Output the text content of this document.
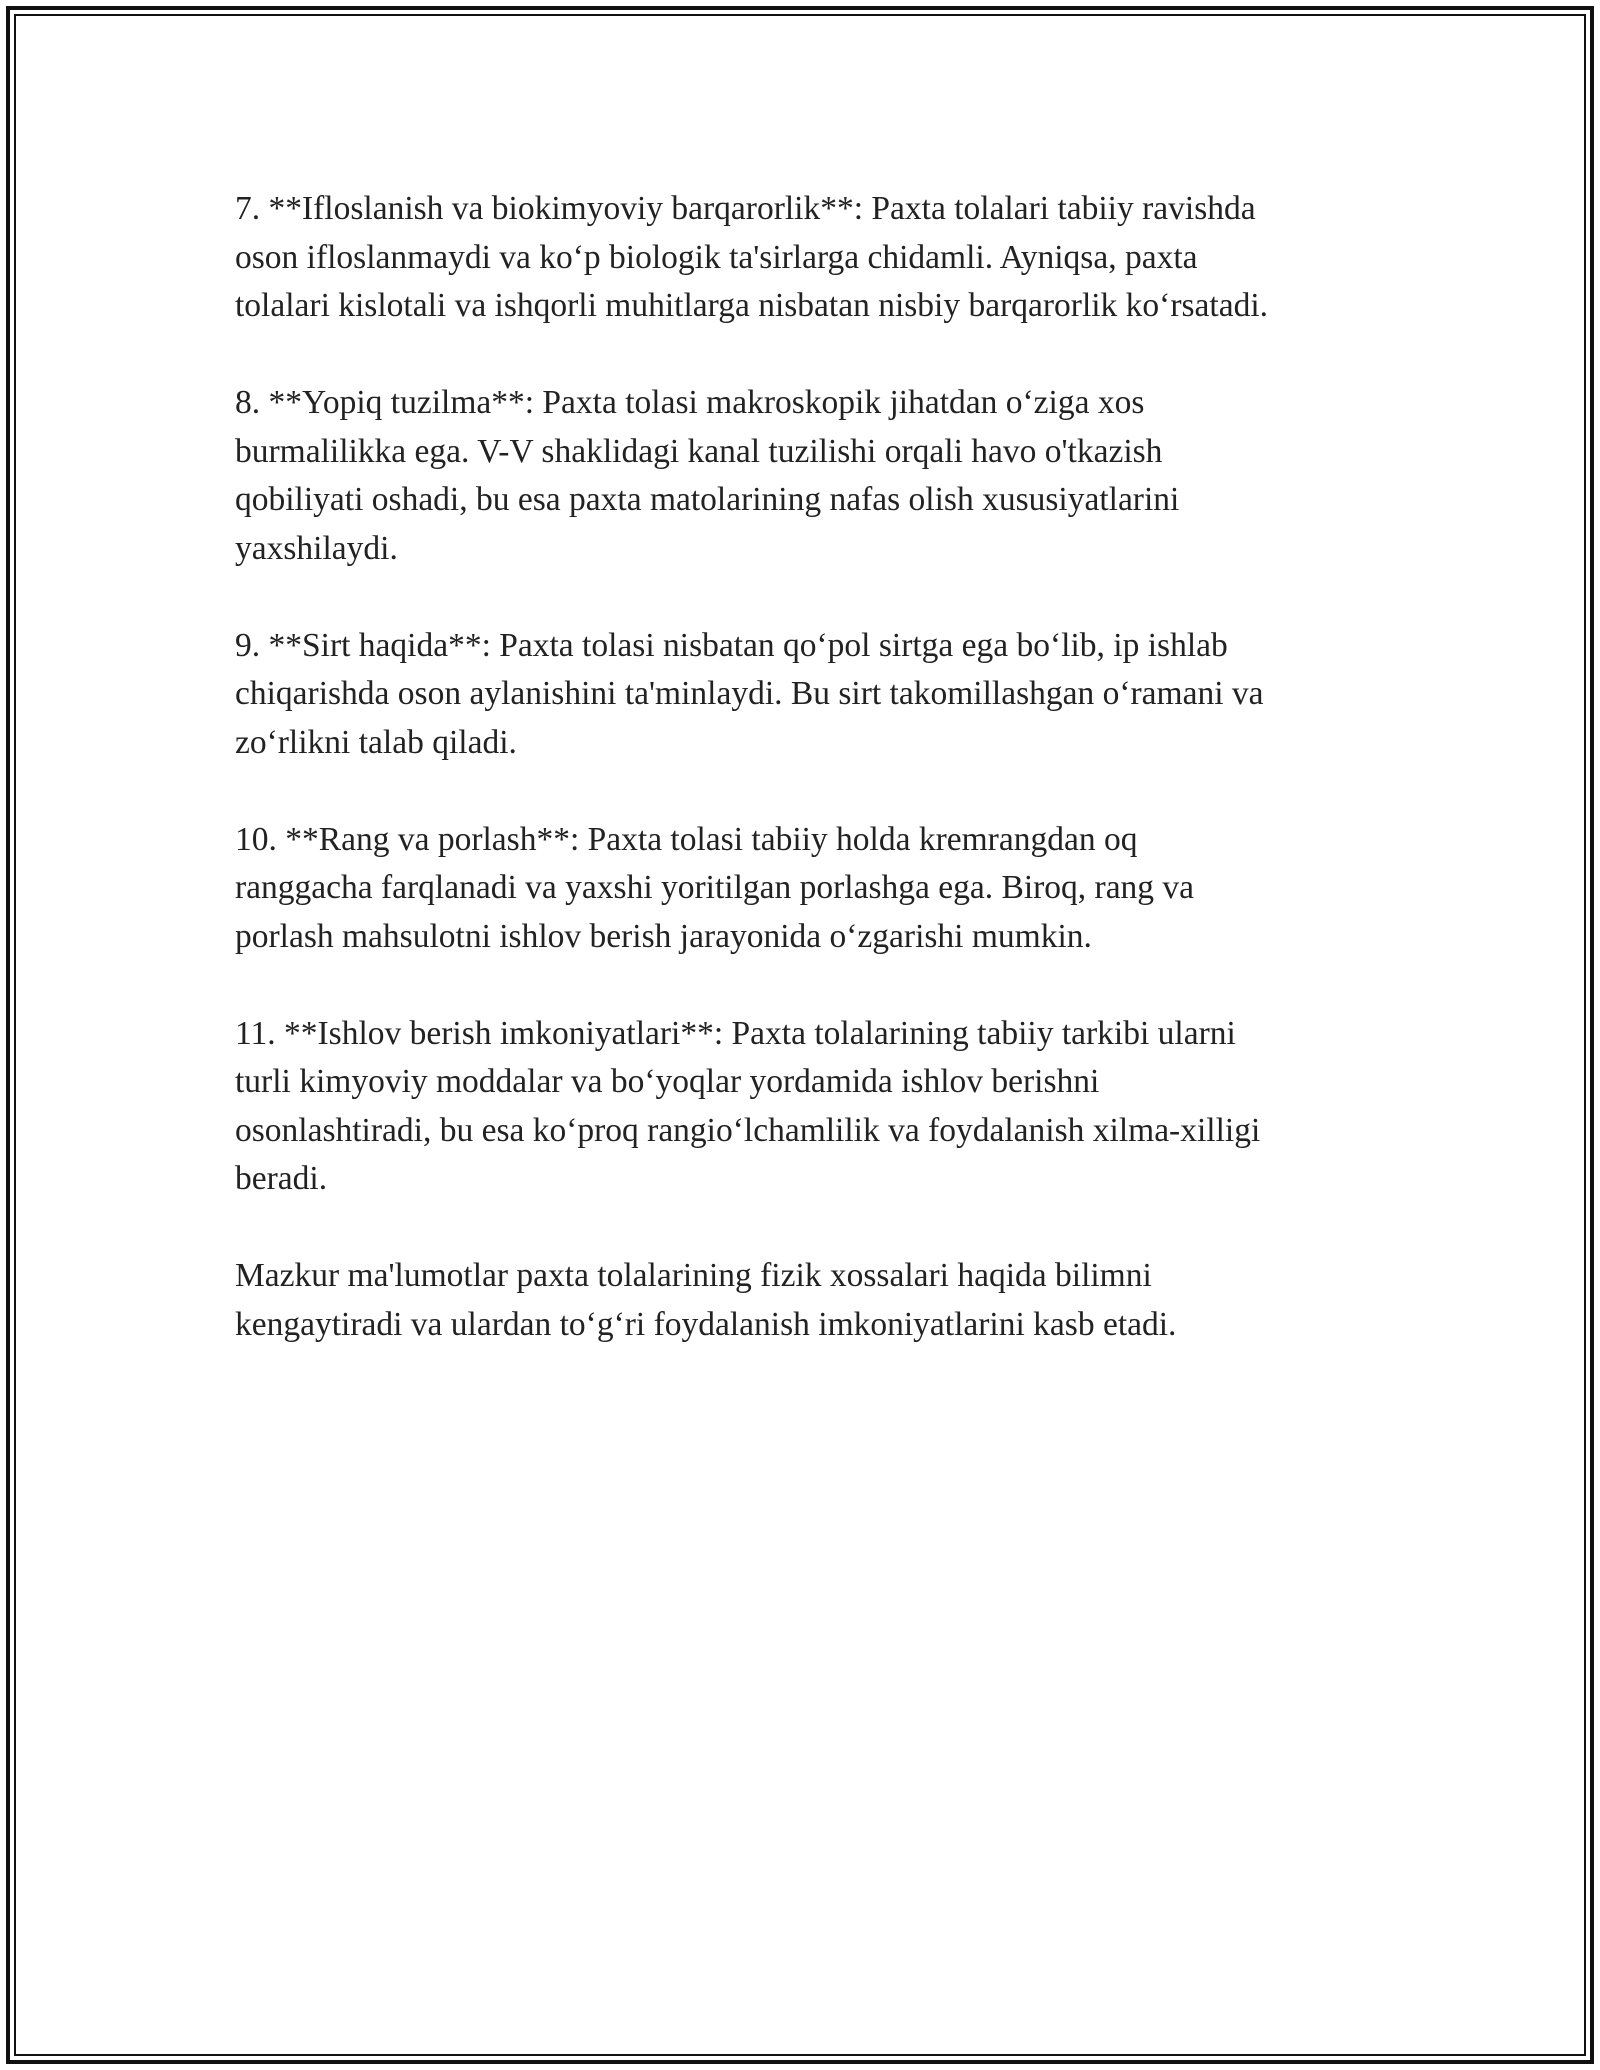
7. **Ifloslanish va biokimyoviy barqarorlik**: Paxta tolalari tabiiy ravishda
oson ifloslanmaydi va ko‘p biologik ta'sirlarga chidamli. Ayniqsa, paxta
tolalari kislotali va ishqorli muhitlarga nisbatan nisbiy barqarorlik ko‘rsatadi.
8. **Yopiq tuzilma**: Paxta tolasi makroskopik jihatdan o‘ziga xos
burmalilikka ega. V-V shaklidagi kanal tuzilishi orqali havo o'tkazish
qobiliyati oshadi, bu esa paxta matolarining nafas olish xususiyatlarini
yaxshilaydi.
9. **Sirt haqida**: Paxta tolasi nisbatan qo‘pol sirtga ega bo‘lib, ip ishlab
chiqarishda oson aylanishini ta'minlaydi. Bu sirt takomillashgan o‘ramani va
zo‘rlikni talab qiladi.
10. **Rang va porlash**: Paxta tolasi tabiiy holda kremrangdan oq
ranggacha farqlanadi va yaxshi yoritilgan porlashga ega. Biroq, rang va
porlash mahsulotni ishlov berish jarayonida o‘zgarishi mumkin.
11. **Ishlov berish imkoniyatlari**: Paxta tolalarining tabiiy tarkibi ularni
turli kimyoviy moddalar va bo‘yoqlar yordamida ishlov berishni
osonlashtiradi, bu esa ko‘proq rangio‘lchamlilik va foydalanish xilma-xilligi
beradi.
Mazkur ma'lumotlar paxta tolalarining fizik xossalari haqida bilimni
kengaytiradi va ulardan to‘g‘ri foydalanish imkoniyatlarini kasb etadi.
